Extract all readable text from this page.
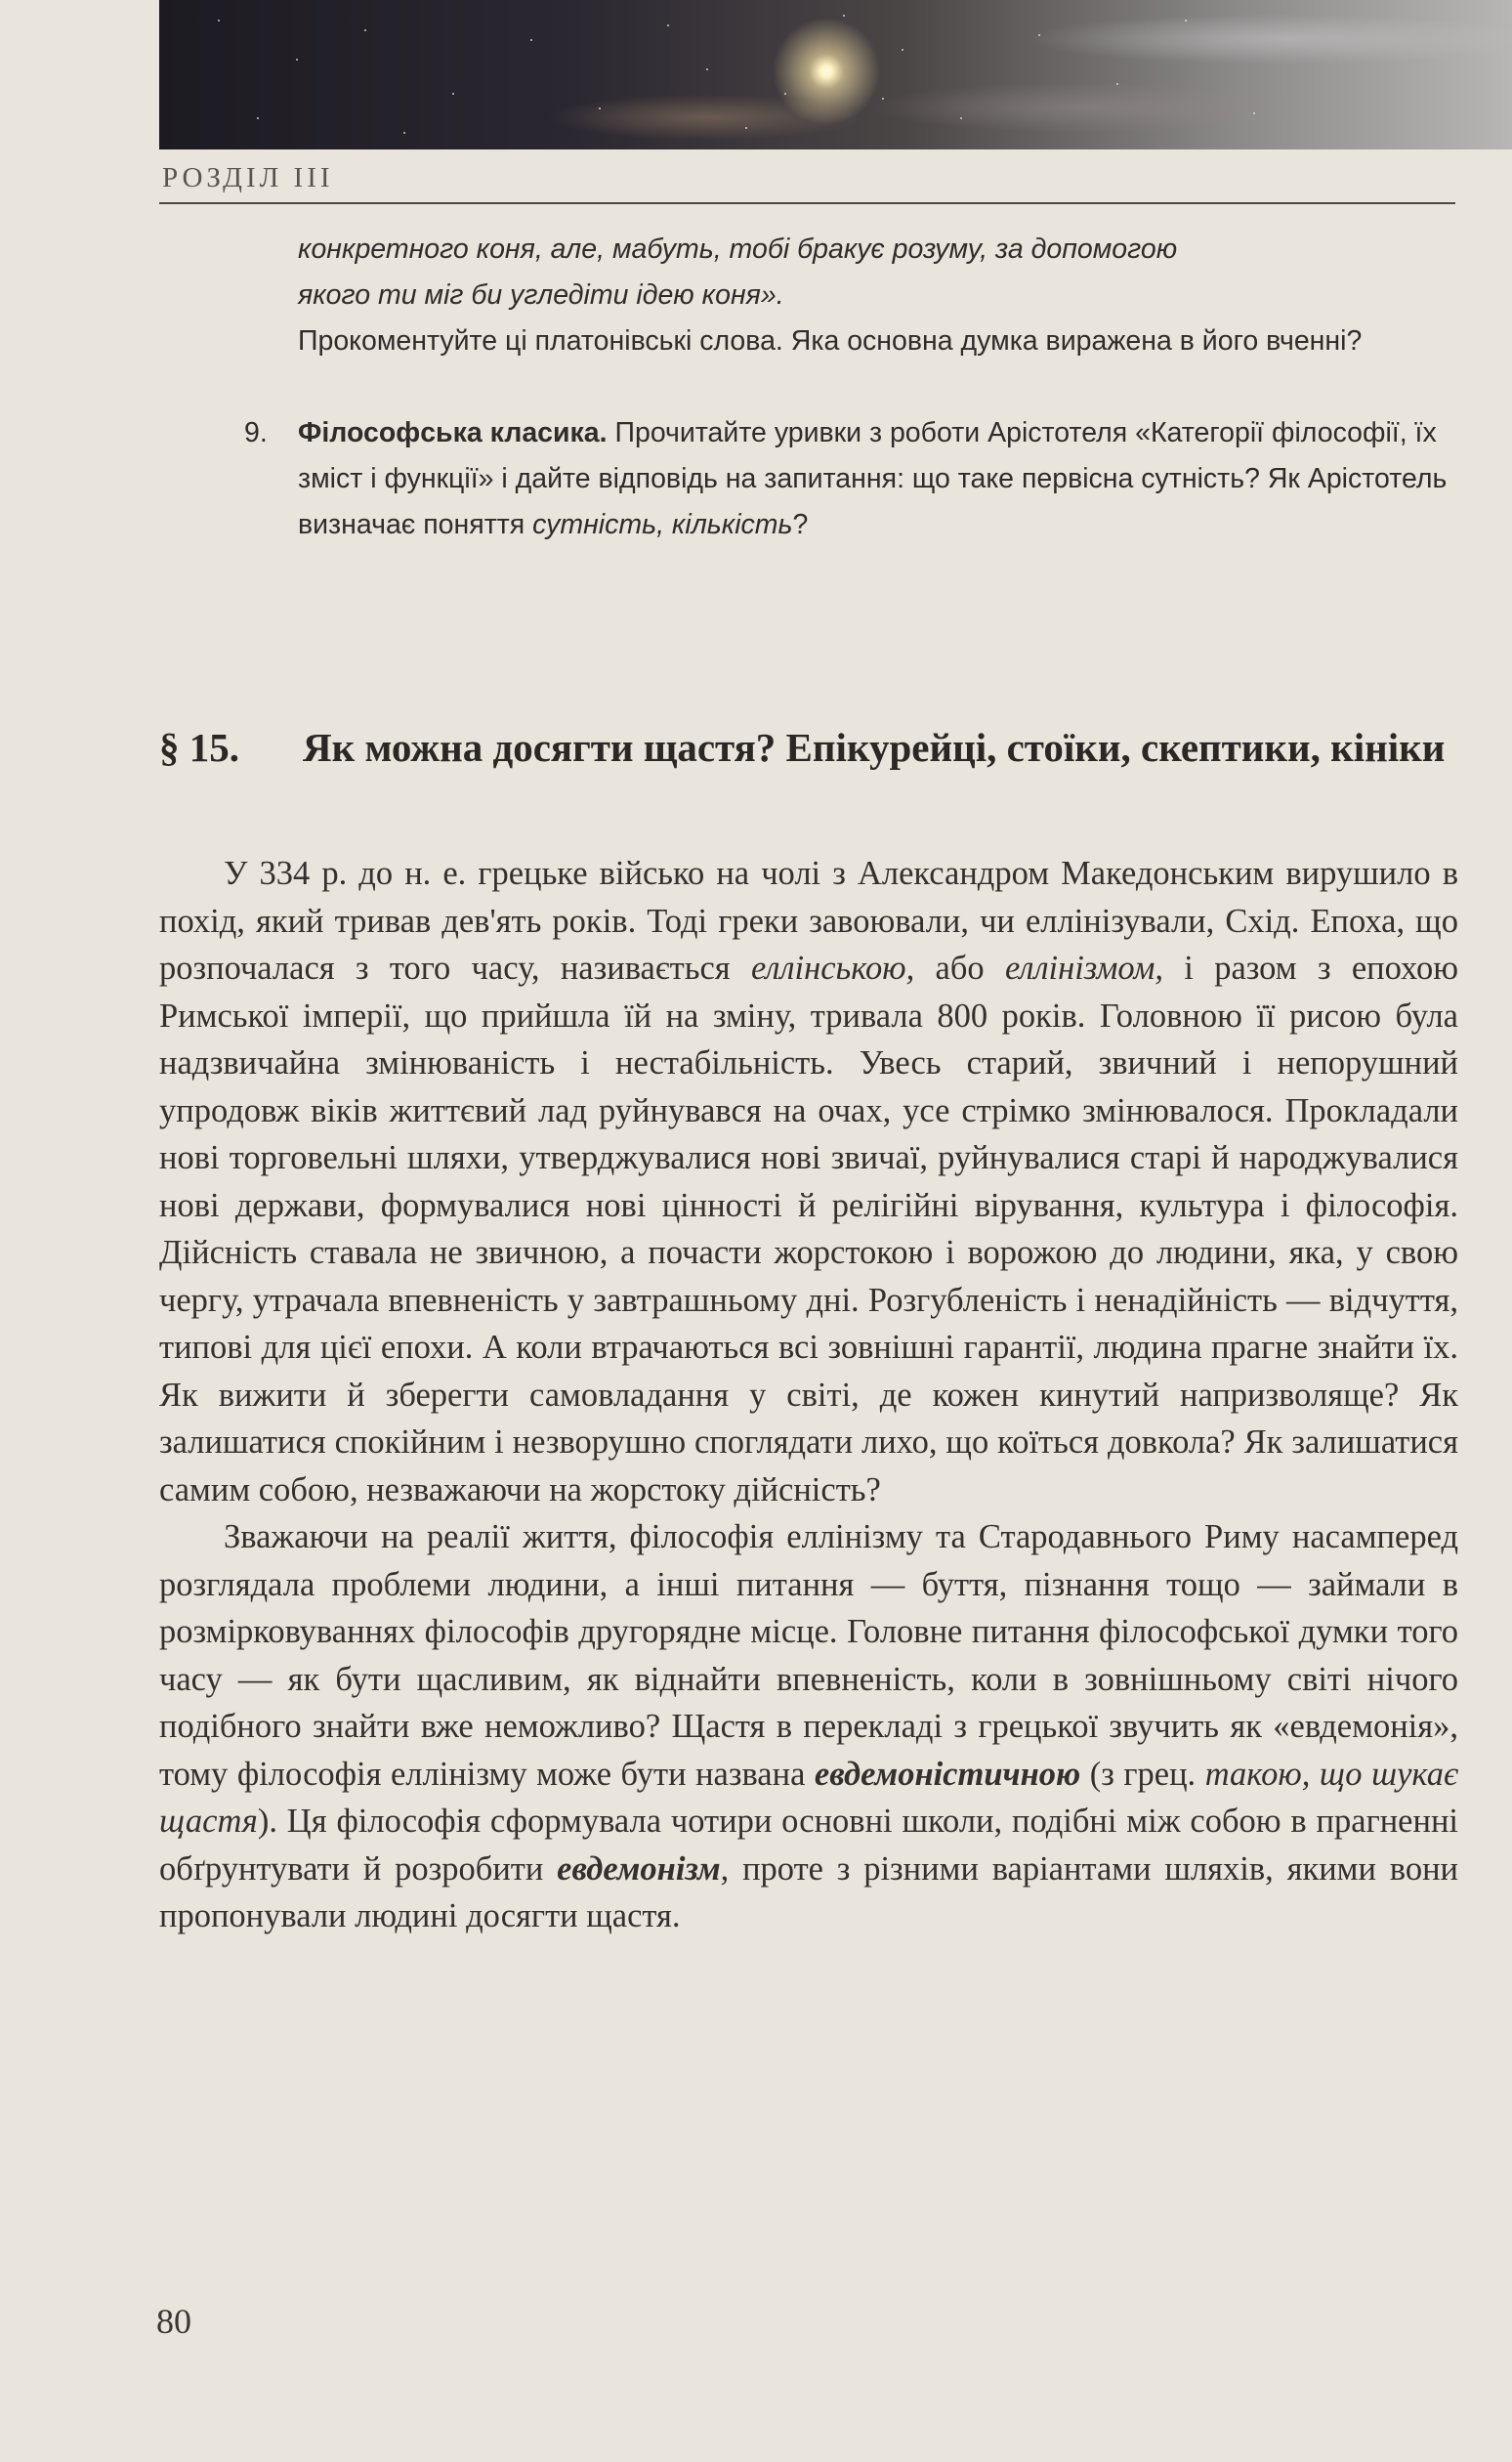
РОЗДІЛ III

конкретного коня, але, мабуть, тобі бракує розуму, за допомогою

якого ти міг би угледіти ідею коня».

Прокоментуйте ці платонівські слова. Яка основна думка виражена в його вченні?

9. Філософська класика. Прочитайте уривки з роботи Арістотеля «Категорії філософії, їх зміст і функції» і дайте відповідь на запитання: що таке первісна сутність? Як Арістотель визначає поняття сутність, кількість?
§ 15. Як можна досягти щастя? Епікурейці, стоїки, скептики, кініки

У 334 р. до н. е. грецьке військо на чолі з Александром Македонським вирушило в похід, який тривав дев'ять років. Тоді греки завоювали, чи еллінізували, Схід. Епоха, що розпочалася з того часу, називається еллінською, або еллінізмом, і разом з епохою Римської імперії, що прийшла їй на зміну, тривала 800 років. Головною її рисою була надзвичайна змінюваність і нестабільність. Увесь старий, звичний і непорушний упродовж віків життєвий лад руйнувався на очах, усе стрімко змінювалося. Прокладали нові торговельні шляхи, утверджувалися нові звичаї, руйнувалися старі й народжувалися нові держави, формувалися нові цінності й релігійні вірування, культура і філософія. Дійсність ставала не звичною, а почасти жорстокою і ворожою до людини, яка, у свою чергу, утрачала впевненість у завтрашньому дні. Розгубленість і ненадійність — відчуття, типові для цієї епохи. А коли втрачаються всі зовнішні гарантії, людина прагне знайти їх. Як вижити й зберегти самовладання у світі, де кожен кинутий напризволяще? Як залишатися спокійним і незворушно споглядати лихо, що коїться довкола? Як залишатися самим собою, незважаючи на жорстоку дійсність?

Зважаючи на реалії життя, філософія еллінізму та Стародавнього Риму насамперед розглядала проблеми людини, а інші питання — буття, пізнання тощо — займали в розмірковуваннях філософів другорядне місце. Головне питання філософської думки того часу — як бути щасливим, як віднайти впевненість, коли в зовнішньому світі нічого подібного знайти вже неможливо? Щастя в перекладі з грецької звучить як «евдемонія», тому філософія еллінізму може бути названа евдемоністичною (з грец. такою, що шукає щастя). Ця філософія сформувала чотири основні школи, подібні між собою в прагненні обґрунтувати й розробити евдемонізм, проте з різними варіантами шляхів, якими вони пропонували людині досягти щастя.

80
